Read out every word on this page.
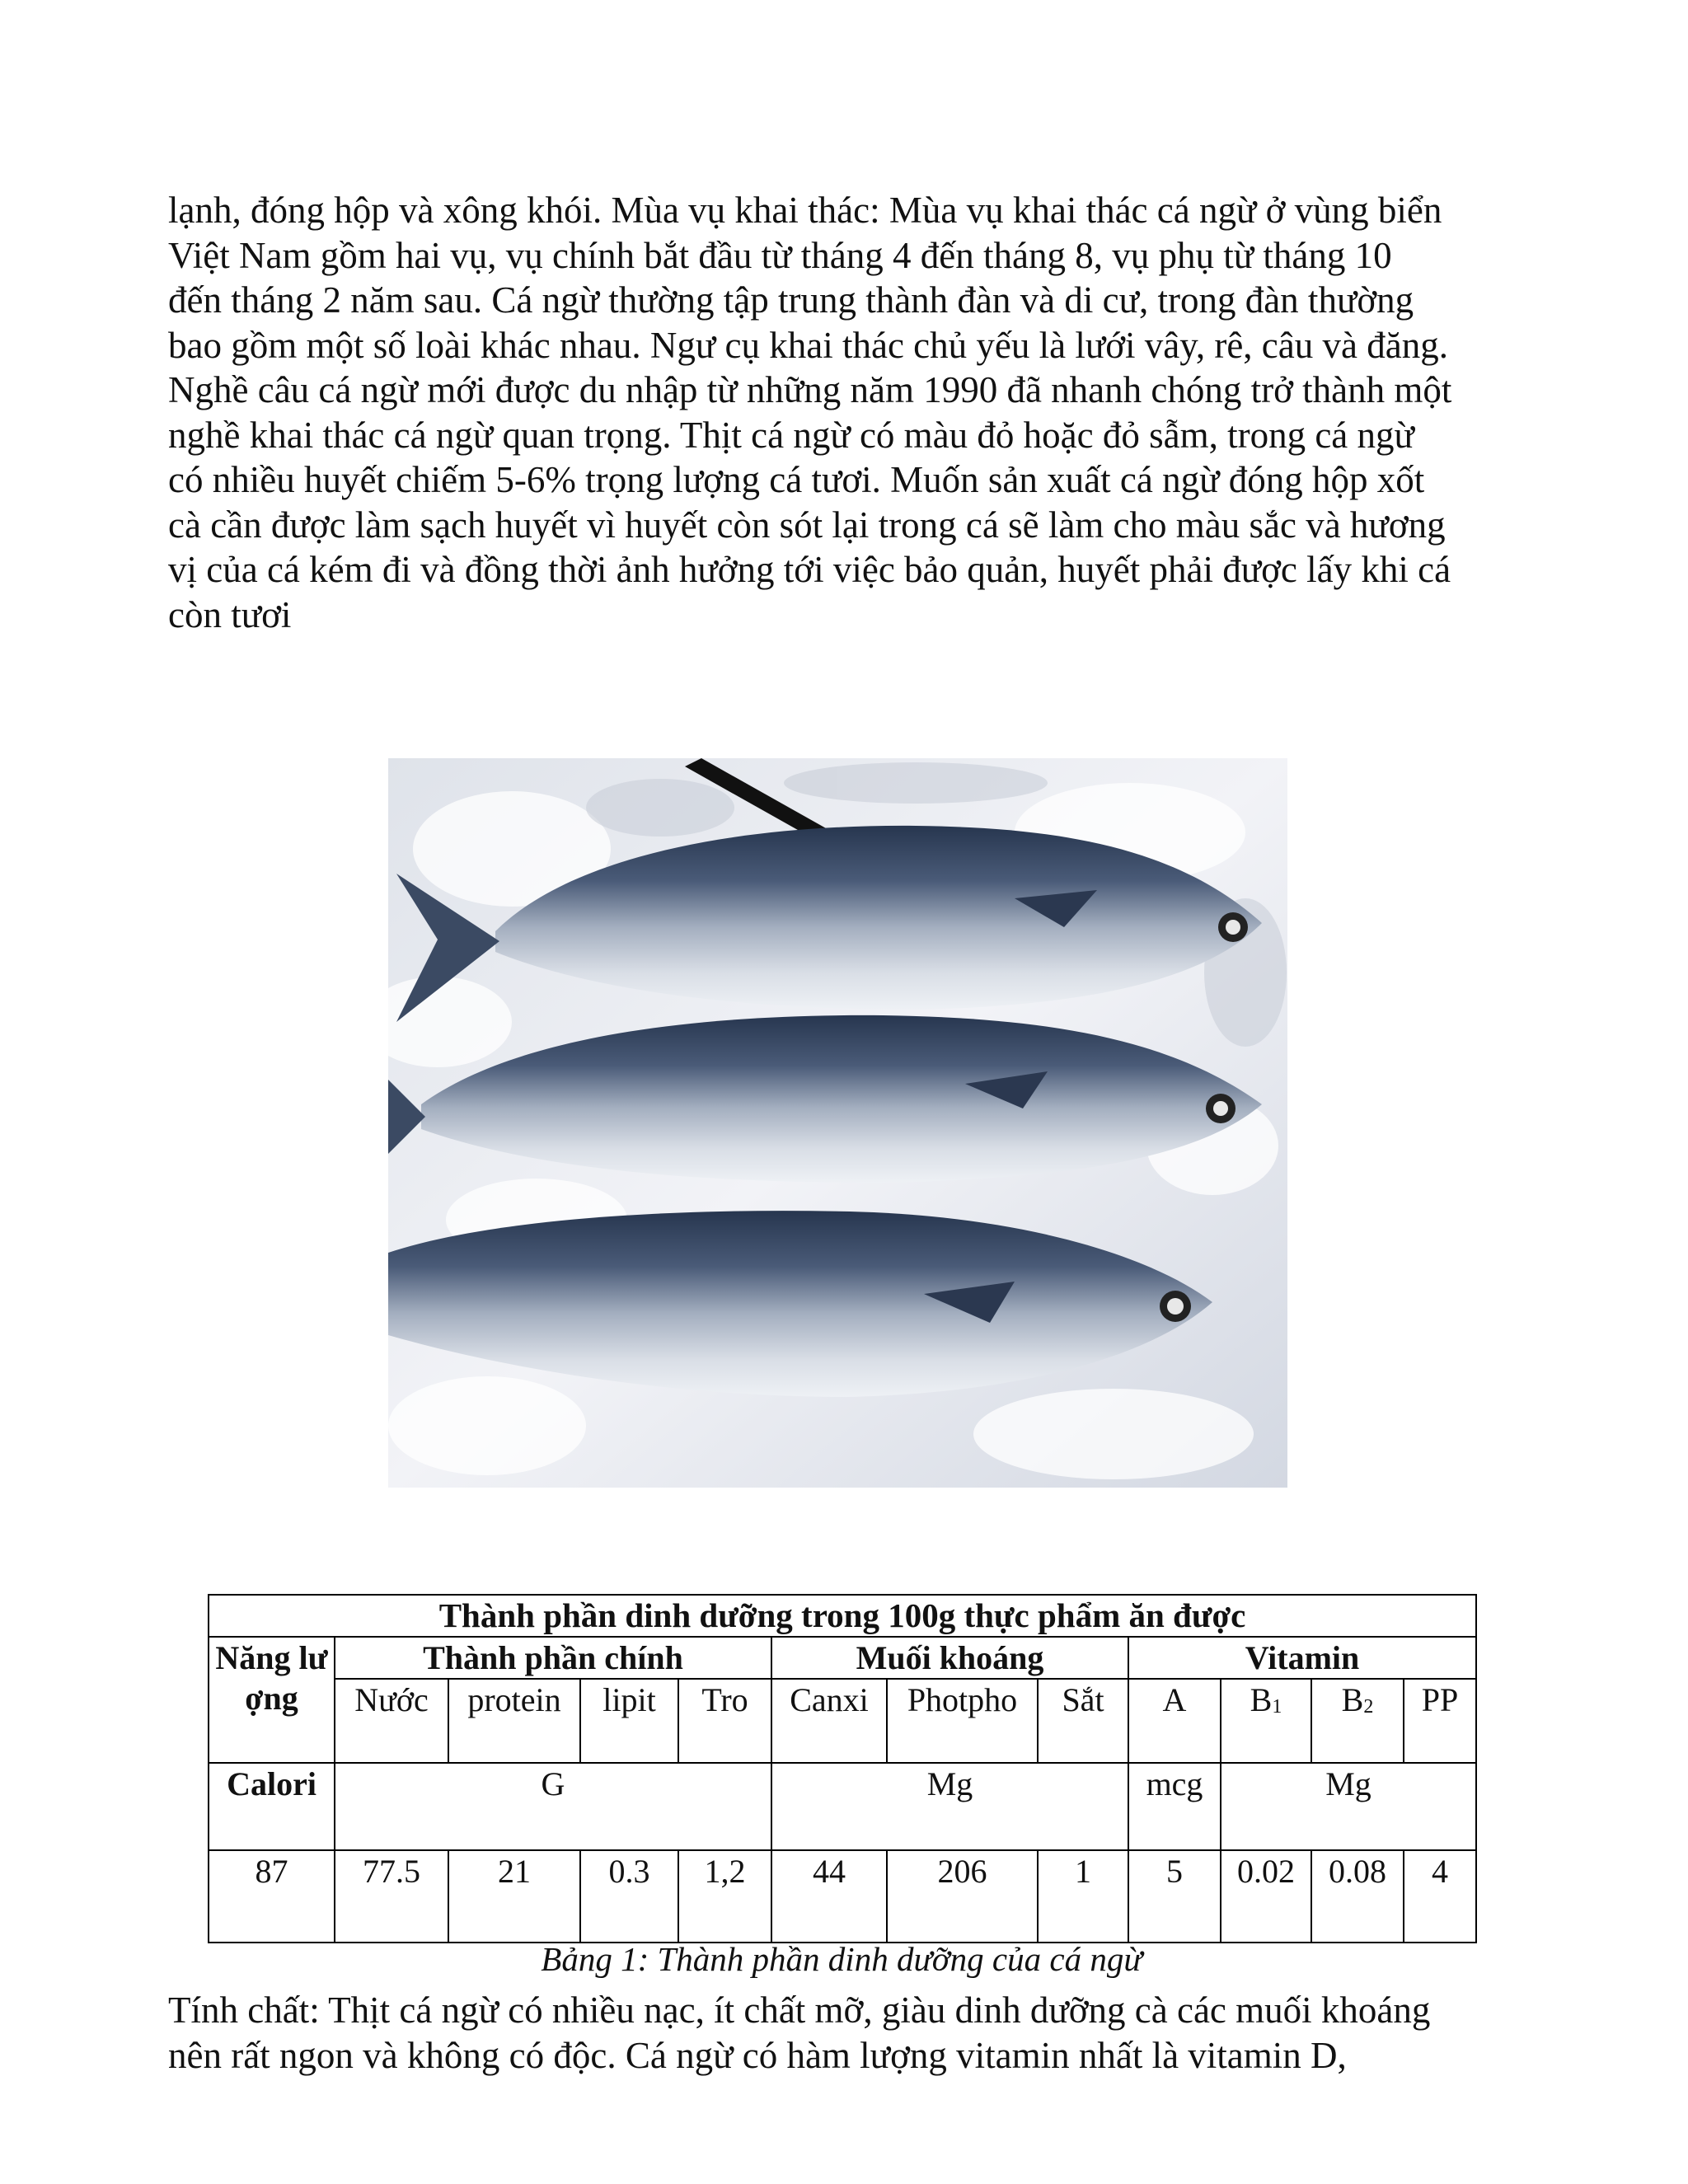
lạnh, đóng hộp và xông khói. Mùa vụ khai thác: Mùa vụ khai thác cá ngừ ở vùng biển
Việt Nam gồm hai vụ, vụ chính bắt đầu từ tháng 4 đến tháng 8, vụ phụ từ tháng 10
đến tháng 2 năm sau. Cá ngừ thường tập trung thành đàn và di cư, trong đàn thường
bao gồm một số loài khác nhau. Ngư cụ khai thác chủ yếu là lưới vây, rê, câu và đăng.
Nghề câu cá ngừ mới được du nhập từ những năm 1990 đã nhanh chóng trở thành một
nghề khai thác cá ngừ quan trọng. Thịt cá ngừ có màu đỏ hoặc đỏ sẫm, trong cá ngừ
có nhiều huyết chiếm 5-6% trọng lượng cá tươi. Muốn sản xuất cá ngừ đóng hộp xốt
cà cần được làm sạch huyết vì huyết còn sót lại trong cá sẽ làm cho màu sắc và hương
vị của cá kém đi và đồng thời ảnh hưởng tới việc bảo quản, huyết phải được lấy khi cá
còn tươi
Thành phần dinh dưỡng trong 100g thực phẩm ăn được											
Năng lượng	Thành phần chính				Muối khoáng			Vitamin			
	Nước	protein	lipit	Tro	Canxi	Photpho	Sắt	A	$B_1$	$B_2$	PP
Calori	G				Mg			mcg	Mg		
87	77.5	21	0.3	1,2	44	206	1	5	0.02	0.08	4
Bảng 1: Thành phần dinh dưỡng của cá ngừ
Tính chất: Thịt cá ngừ có nhiều nạc, ít chất mỡ, giàu dinh dưỡng cà các muối khoáng
nên rất ngon và không có độc. Cá ngừ có hàm lượng vitamin nhất là vitamin D,
